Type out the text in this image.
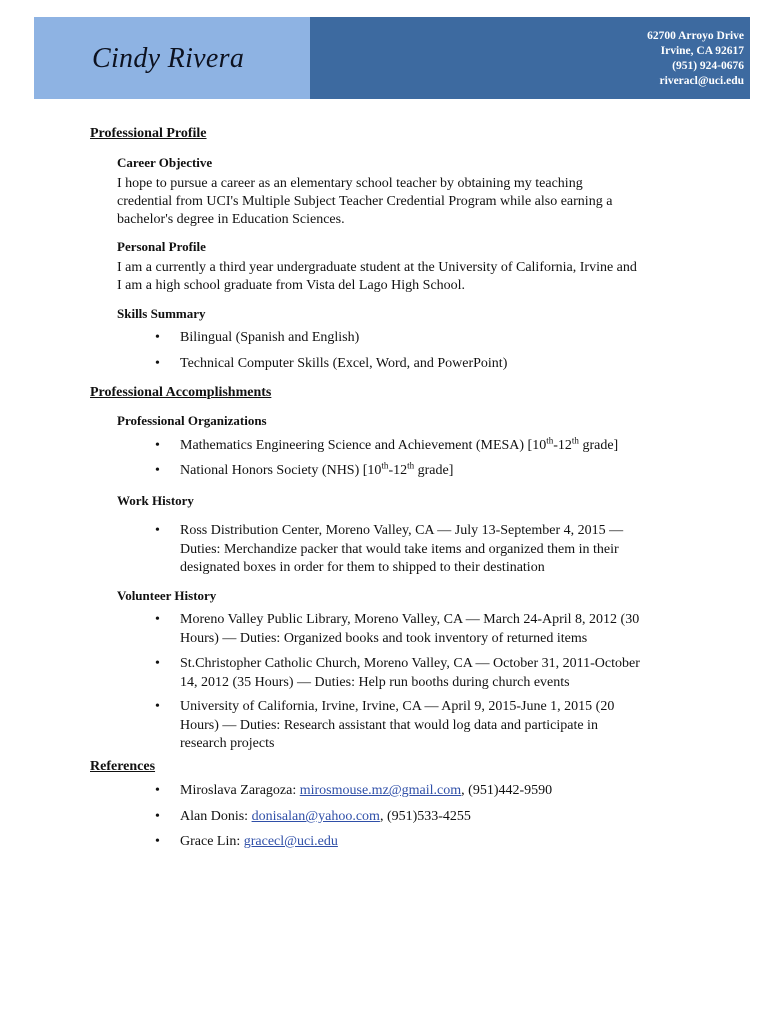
Cindy Rivera
62700 Arroyo Drive
Irvine, CA 92617
(951) 924-0676
riveracl@uci.edu
Professional Profile
Career Objective
I hope to pursue a career as an elementary school teacher by obtaining my teaching
credential from UCI's Multiple Subject Teacher Credential Program while also earning a
bachelor's degree in Education Sciences.
Personal Profile
I am a currently a third year undergraduate student at the University of California, Irvine and
I am a high school graduate from Vista del Lago High School.
Skills Summary
• Bilingual (Spanish and English)
• Technical Computer Skills (Excel, Word, and PowerPoint)
Professional Accomplishments
Professional Organizations
• Mathematics Engineering Science and Achievement (MESA) [10th-12th grade]
• National Honors Society (NHS) [10th-12th grade]
Work History
• Ross Distribution Center, Moreno Valley, CA — July 13-September 4, 2015 —
Duties: Merchandize packer that would take items and organized them in their
designated boxes in order for them to shipped to their destination
Volunteer History
• Moreno Valley Public Library, Moreno Valley, CA — March 24-April 8, 2012 (30
Hours) — Duties: Organized books and took inventory of returned items
• St.Christopher Catholic Church, Moreno Valley, CA — October 31, 2011-October
14, 2012 (35 Hours) — Duties: Help run booths during church events
• University of California, Irvine, Irvine, CA — April 9, 2015-June 1, 2015 (20
Hours) — Duties: Research assistant that would log data and participate in
research projects
References
• Miroslava Zaragoza: mirosmouse.mz@gmail.com, (951)442-9590
• Alan Donis: donisalan@yahoo.com, (951)533-4255
• Grace Lin: gracecl@uci.edu
